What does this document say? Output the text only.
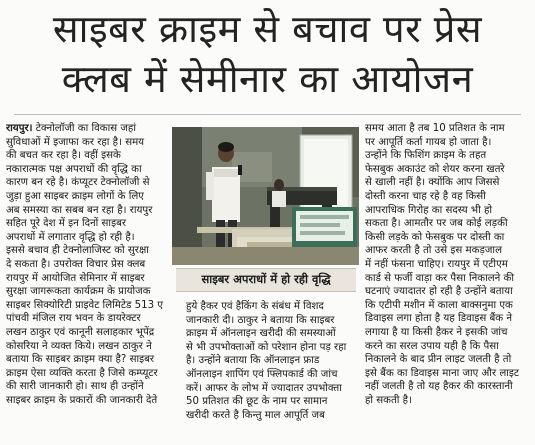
साइबर क्राइम से बचाव पर प्रेस
क्लब में सेमीनार का आयोजन
रायपुर। टेक्नोलॉजी का विकास जहां
सुविधाओं में इजाफा कर रहा है। समय
की बचत कर रहा है। वहीं इसके
नकारात्मक पक्ष अपराधों की वृद्धि का
कारण बन रहे है। कंप्यूटर टेक्नोलॉजी से
जुड़ा हुआ साइबर क्राइम लोगों के लिए
अब समस्या का सबब बन रहा है। रायपुर
सहित पूरे देश में इन दिनों साइबर
अपराधों में लगातार वृद्धि हो रही है।
इससे बचाव ही टेक्नोलाजिस्ट को सुरक्षा
दे सकता है। उपरोक्त विचार प्रेस क्लब
रायपुर में आयोजित सेमिनार में साइबर
सुरक्षा जागरूकता कार्यक्रम के प्रायोजक
साइबर सिक्योरिटी प्राइवेट लिमिटेड 513 ए
पांचवी मंजिल राय भवन के डायरेक्टर
लखन ठाकुर एवं कानूनी सलाहकार भूपेंद्र
कोसरिया ने व्यक्त किये। लखन ठाकुर ने
बताया कि साइबर क्राइम क्या है? साइबर
क्राइम ऐसा व्यक्ति करता है जिसे कम्प्यूटर
की सारी जानकारी हो। साथ ही उन्होंने
साइबर क्राइम के प्रकारों की जानकारी देते
साइबर अपराधों में हो रही वृद्धि
हुये हैकर एवं हैकिंग के संबंध में विशद
जानकारी दी। ठाकुर ने बताया कि साइबर
क्राइम में ऑनलाइन खरीदी की समस्याओं
से भी उपभोक्ताओं को परेशान होना पड़ रहा
है। उन्होंने बताया कि ऑनलाइन फ्राड
ऑनलाइन शापिंग एवं फ्लिपकार्ड की जांच
करें। आफर के लोभ में ज्यादातर उपभोक्ता
50 प्रतिशत की छूट के नाम पर सामान
खरीदी करते है किन्तु माल आपूर्ति जब
समय आता है तब 10 प्रतिशत के नाम
पर आपूर्ति कर्ता गायब हो जाता है।
उन्होंने कि फिशिंग क्राइम के तहत
फेसबुक अकाउंट को शेयर करना खतरे
से खाली नहीं है। क्योंकि आप जिससे
दोस्ती करना चाह रहे है वह किसी
आपराधिक गिरोह का सदस्य भी हो
सकता है। आमतौर पर जब कोई लड़की
किसी लड़के को फेसबुक पर दोस्ती का
आफर करती है तो उसे इस मकड़जाल
में नहीं फंसना चाहिए। रायपुर में एटीएम
कार्ड से फर्जी वाड़ा कर पैसा निकालने की
घटनाएं ज्यादातर हो रही है उन्होंने बताया
कि एटीपी मशीन में काला बाक्सनुमा एक
डिवाइस लगा होता है यह डिवाइस बैंक ने
लगाया है या किसी हैकर ने इसकी जांच
करने का सरल उपाय यही है कि पैसा
निकालने के बाद प्रीन लाइट जलती है तो
इसे बैंक का डिवाइस माना जाए और लाइट
नहीं जलती है तो यह हैकर की कारस्तानी
हो सकती है।
